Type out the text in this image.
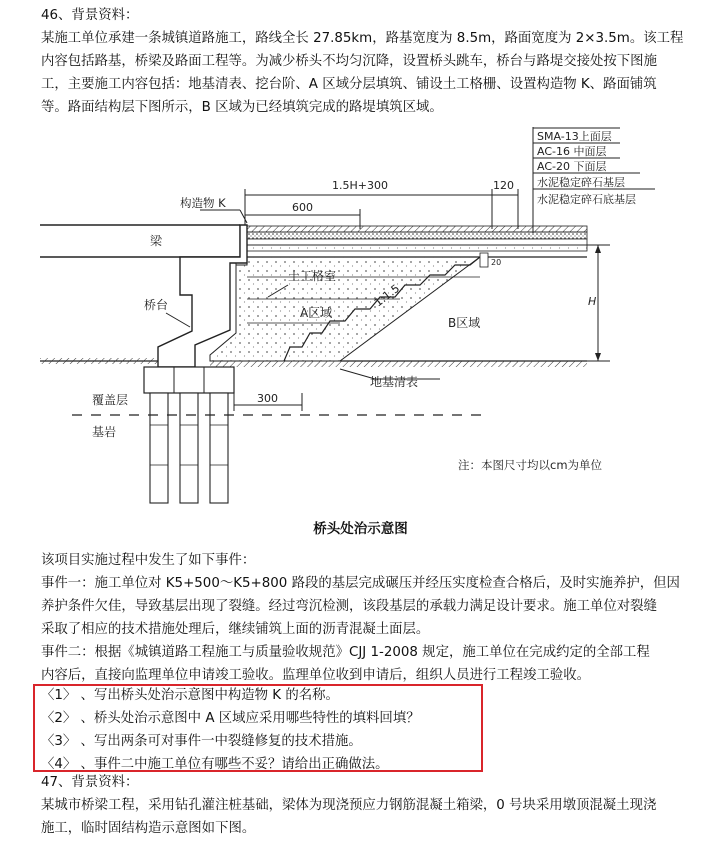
46、背景资料：
某施工单位承建一条城镇道路施工，路线全长 27.85km，路基宽度为 8.5m，路面宽度为 2×3.5m。该工程
内容包括路基，桥梁及路面工程等。为减少桥头不均匀沉降，设置桥头跳车，桥台与路堤交接处按下图施
工，主要施工内容包括：地基清表、挖台阶、A 区域分层填筑、铺设土工格栅、设置构造物 K、路面铺筑
等。路面结构层下图所示，B 区域为已经填筑完成的路堤填筑区域。
SMA-13上面层
AC-16 中面层
AC-20 下面层
水泥稳定碎石基层
水泥稳定碎石底基层
1.5H+300	120
600
构造物 K
梁
桥台
土工格室
A区域
1:1.5
B区域
20
H
地基清表
300
覆盖层
基岩
注：本图尺寸均以cm为单位
桥头处治示意图
该项目实施过程中发生了如下事件：
事件一：施工单位对 K5+500～K5+800 路段的基层完成碾压并经压实度检查合格后，及时实施养护，但因
养护条件欠佳，导致基层出现了裂缝。经过弯沉检测，该段基层的承载力满足设计要求。施工单位对裂缝
采取了相应的技术措施处理后，继续铺筑上面的沥青混凝土面层。
事件二：根据《城镇道路工程施工与质量验收规范》CJJ 1-2008 规定，施工单位在完成约定的全部工程
内容后，直接向监理单位申请竣工验收。监理单位收到申请后，组织人员进行工程竣工验收。
〈1〉 、写出桥头处治示意图中构造物 K 的名称。
〈2〉 、桥头处治示意图中 A 区域应采用哪些特性的填料回填？
〈3〉 、写出两条可对事件一中裂缝修复的技术措施。
〈4〉 、事件二中施工单位有哪些不妥？请给出正确做法。
47、背景资料：
某城市桥梁工程，采用钻孔灌注桩基础，梁体为现浇预应力钢筋混凝土箱梁，0 号块采用墩顶混凝土现浇
施工，临时固结构造示意图如下图。
